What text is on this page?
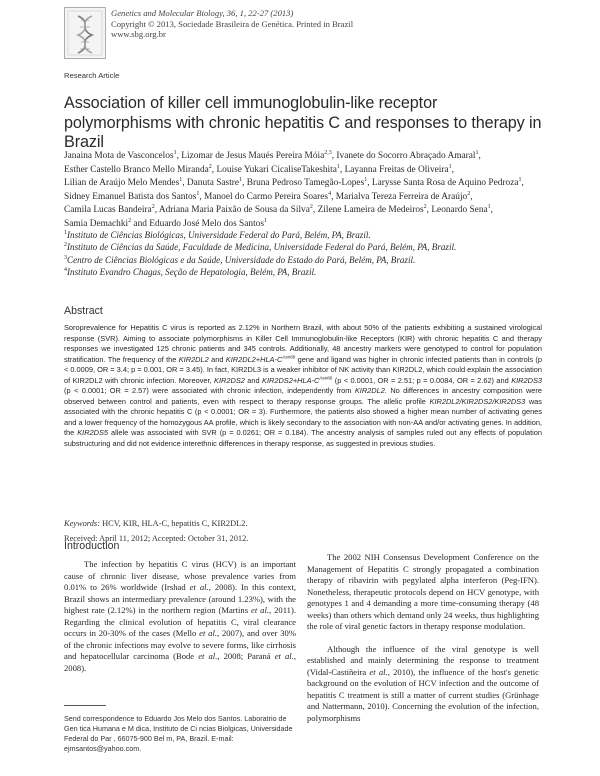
Genetics and Molecular Biology, 36, 1, 22-27 (2013)
Copyright © 2013, Sociedade Brasileira de Genética. Printed in Brazil
www.sbg.org.br
Research Article
Association of killer cell immunoglobulin-like receptor polymorphisms with chronic hepatitis C and responses to therapy in Brazil
Janaina Mota de Vasconcelos$^1$, Lizomar de Jesus Maués Pereira Móia$^{2,3}$, Ivanete do Socorro Abraçado Amaral$^1$, Esther Castello Branco Mello Miranda$^2$, Louise Yukari CicaliseTakeshita$^1$, Layanna Freitas de Oliveira$^1$, Lilian de Araújo Melo Mendes$^1$, Danuta Sastre$^1$, Bruna Pedroso Tamegão-Lopes$^1$, Larysse Santa Rosa de Aquino Pedroza$^1$, Sidney Emanuel Batista dos Santos$^1$, Manoel do Carmo Pereira Soares$^4$, Marialva Tereza Ferreira de Araújo$^2$, Camila Lucas Bandeira$^2$, Adriana Maria Paixão de Sousa da Silva$^2$, Zilene Lameira de Medeiros$^2$, Leonardo Sena$^1$, Samia Demachki$^2$ and Eduardo José Melo dos Santos$^1$
$^1$Instituto de Ciências Biológicas, Universidade Federal do Pará, Belém, PA, Brazil.
$^2$Instituto de Ciências da Saúde, Faculdade de Medicina, Universidade Federal do Pará, Belém, PA, Brazil.
$^3$Centro de Ciências Biológicas e da Saúde, Universidade do Estado do Pará, Belém, PA, Brazil.
$^4$Instituto Evandro Chagas, Seção de Hepatologia, Belém, PA, Brazil.
Abstract
Soroprevalence for Hepatitis C virus is reported as 2.12% in Northern Brazil, with about 50% of the patients exhibiting a sustained virological response (SVR). Aiming to associate polymorphisms in Killer Cell Immunoglobulin-like Receptors (KIR) with chronic hepatitis C and therapy responses we investigated 125 chronic patients and 345 controls. Additionally, 48 ancestry markers were genotyped to control for population stratification. The frequency of the KIR2DL2 and $KIR2DL2+HLA-C^{Asn80}$ gene and ligand was higher in chronic infected patients than in controls (p < 0.0009, OR = 3.4; p = 0.001, OR = 3.45). In fact, KIR2DL3 is a weaker inhibitor of NK activity than KIR2DL2, which could explain the association of KIR2DL2 with chronic infection. Moreover, KIR2DS2 and $KIR2DS2+HLA-C^{Asn80}$ (p < 0.0001, OR = 2.51; p = 0.0084, OR = 2.62) and KIR2DS3 (p < 0.0001; OR = 2.57) were associated with chronic infection, independently from KIR2DL2. No differences in ancestry composition were observed between control and patients, even with respect to therapy response groups. The allelic profile KIR2DL2/KIR2DS2/KIR2DS3 was associated with the chronic hepatitis C (p < 0.0001; OR = 3). Furthermore, the patients also showed a higher mean number of activating genes and a lower frequency of the homozygous AA profile, which is likely secondary to the association with non-AA and/or activating genes. In addition, the KIR2DS5 allele was associated with SVR (p = 0.0261; OR = 0.184). The ancestry analysis of samples ruled out any effects of population substructuring and did not evidence interethnic differences in therapy response, as suggested in previous studies.
Keywords: HCV, KIR, HLA-C, hepatitis C, KIR2DL2.
Received: April 11, 2012; Accepted: October 31, 2012.
Introduction

The infection by hepatitis C virus (HCV) is an important cause of chronic liver disease, whose prevalence varies from 0.01% to 26% worldwide (Irshad et al., 2008). In this context, Brazil shows an intermediary prevalence (around 1.23%), with the highest rate (2.12%) in the northern region (Martins et al., 2011). Regarding the clinical evolution of hepatitis C, viral clearance occurs in 20-30% of the cases (Mello et al., 2007), and over 30% of the chronic infections may evolve to severe forms, like cirrhosis and hepatocellular carcinoma (Bode et al., 2008; Paraná et al., 2008).

Send correspondence to Eduardo Jos Melo dos Santos. Laboratrio de Gen tica Humana e M dica, Instituto de Ci ncias Biolgicas, Universidade Federal do Par , 66075-900 Bel m, PA, Brazil. E-mail: ejmsantos@yahoo.com.

The 2002 NIH Consensus Development Conference on the Management of Hepatitis C strongly propagated a combination therapy of ribavirin with pegylated alpha interferon (Peg-IFN). Nonetheless, therapeutic protocols depend on HCV genotype, with genotypes 1 and 4 demanding a more time-consuming therapy (48 weeks) than others which demand only 24 weeks, thus highlighting the role of viral genetic factors in therapy response modulation.

Although the influence of the viral genotype is well established and mainly determining the response to treatment (Vidal-Castiñeira et al., 2010), the influence of the host's genetic background on the evolution of HCV infection and the outcome of hepatitis C treatment is still a matter of current studies (Grünhage and Nattermann, 2010). Concerning the evolution of the infection, polymorphisms
